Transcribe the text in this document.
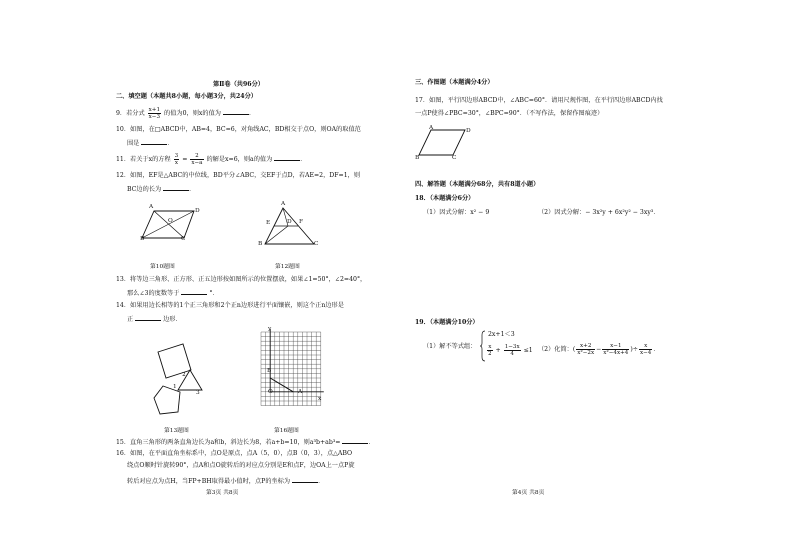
第Ⅱ卷（共96分）
二、填空题（本题共8小题，每小题3分，共24分）
9．若分式 $\frac{x+1}{x-3}$ 的值为0，则x的值为	．
10．如图，在□ABCD中，AB=4，BC=6，对角线AC，BD相交于点O，则OA的取值范
围是	．
11．若关于x的方程 $\frac{3}{x} = \frac{2}{x-a}$ 的解是x=6，则a的值为	．
12．如图，EF是△ABC的中位线，BD平分∠ABC，交EF于点D，若AE=2，DF=1，则
BC边的长为	．
A
D
O
B	C
A
E	D F
B	C
第10题图	第12题图
13．将等边三角形、正方形、正五边形按如图所示的位置摆放，如果∠1=50°，∠2=40°，
那么∠3的度数等于	°．
14．如果用边长相等的1个正三角形和2个正n边形进行平面镶嵌，则这个正n边形是
正	边形．
1
2
3
y
B
O	A
x
第13题图	第16题图
15．直角三角形的两条直角边长为a和b，斜边长为8，若a+b=10，则a³b+ab³=	．
16．如图，在平面直角坐标系中，点O是原点，点A（5，0），点B（0，3），点△ABO
绕点O顺时针旋转90°，点A和点O旋转后的对应点分别是E和点F，边OA上一点P旋
转后对应点为点H，当FP+BH取得最小值时，点P的坐标为	．
第3页 共8页
三、作图题（本题满分4分）
17．如图，平行四边形ABCD中，∠ABC=60°．请用尺规作图，在平行四边形ABCD内找
一点P使得∠PBC=30°，∠BPC=90°．（不写作法，保留作图痕迹）
A	D
B	C
四、解答题（本题满分68分，共有8道小题）
18．（本题满分6分）
（1）因式分解：x² − 9	（2）因式分解：− 3x²y + 6x²y² − 3xy³．
19．（本题满分10分）
（1）解不等式组：
2x+1＜3
$\frac{x}{2} + \frac{1-3x}{4} \le 1$ （2）化简：( $\frac{x+2}{\text{x²−2x}} - \frac{x-1}{\text{x²−4x+4}}$ )÷ $\frac{x}{x-4}$ ．
第4页 共8页
